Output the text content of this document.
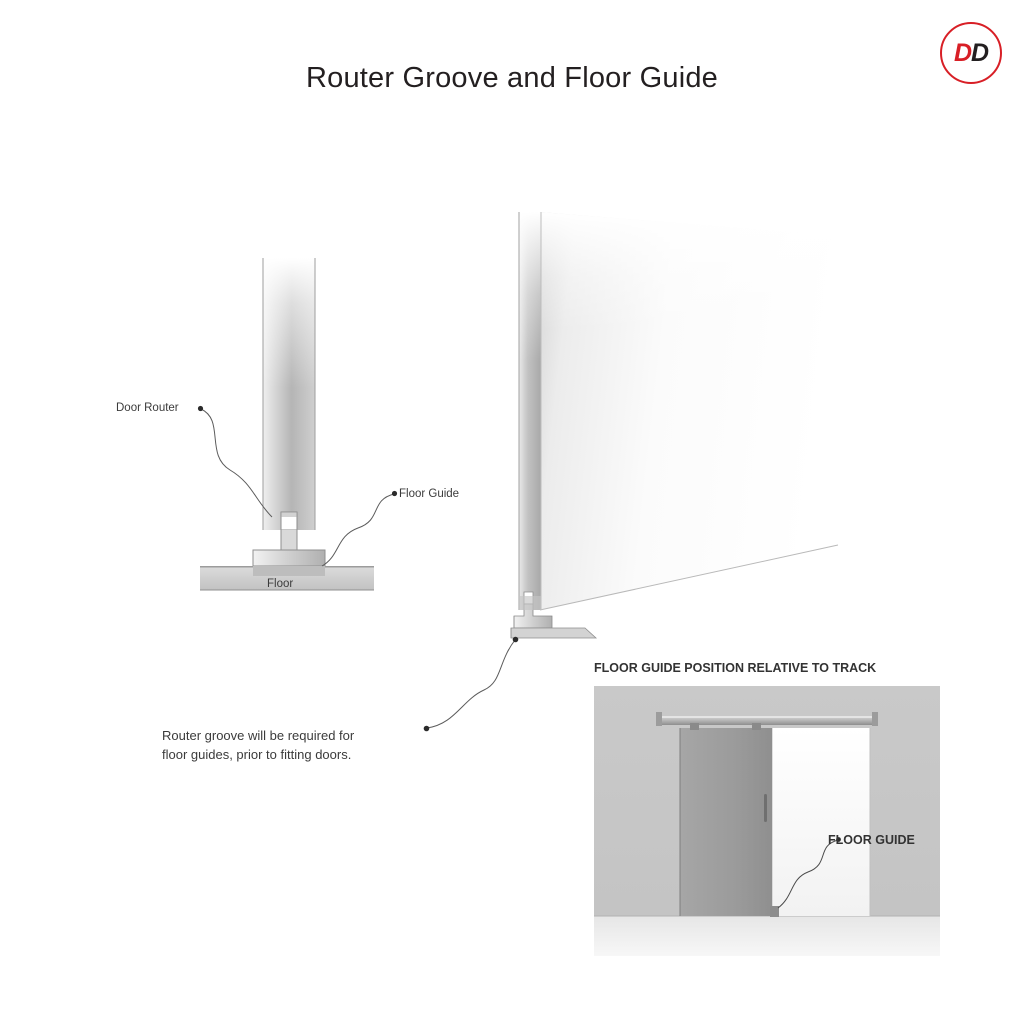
DD
Router Groove and Floor Guide
Door Router
Floor Guide
Floor
Router groove will be required for
floor guides, prior to fitting doors.
FLOOR GUIDE POSITION RELATIVE TO TRACK
FLOOR GUIDE
